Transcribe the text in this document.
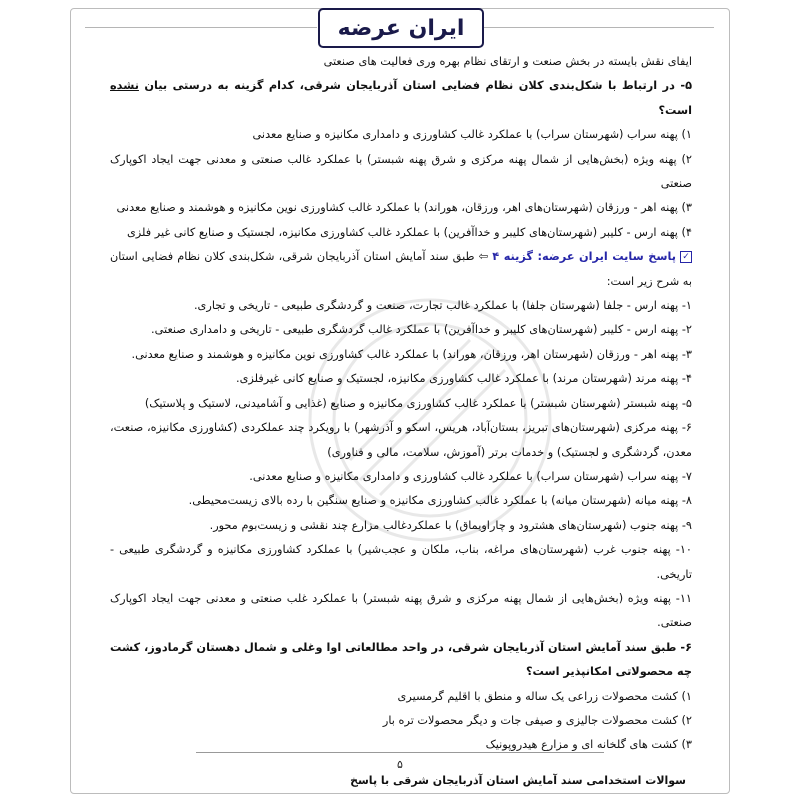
ایران عرضه

ایفای نقش بایسته در بخش صنعت و ارتقای نظام بهره وری فعالیت های صنعتی

۵- در ارتباط با شکل‌بندی کلان نظام فضایی استان آذربایجان شرقی، کدام گزینه به درستی بیان نشده است؟

۱) پهنه سراب (شهرستان سراب) با عملکرد غالب کشاورزی و دامداری مکانیزه و صنایع معدنی

۲) پهنه ویژه (بخش‌هایی از شمال پهنه مرکزی و شرق پهنه شبستر) با عملکرد غالب صنعتی و معدنی جهت ایجاد اکوپارک صنعتی

۳) پهنه اهر - ورزقان (شهرستان‌های اهر، ورزقان، هوراند) با عملکرد غالب کشاورزی نوین مکانیزه و هوشمند و صنایع معدنی

۴) پهنه ارس - کلیبر (شهرستان‌های کلیبر و خداآفرین) با عملکرد غالب کشاورزی مکانیزه، لجستیک و صنایع کانی غیر فلزی

✓پاسخ سایت ایران عرضه: گزینه ۴ ⇦ طبق سند آمایش استان آذربایجان شرقی، شکل‌بندی کلان نظام فضایی استان به شرح زیر است:

۱- پهنه ارس - جلفا (شهرستان جلفا) با عملکرد غالب تجارت، صنعت و گردشگری طبیعی - تاریخی و تجاری.

۲- پهنه ارس - کلیبر (شهرستان‌های کلیبر و خداآفرین) با عملکرد غالب گردشگری طبیعی - تاریخی و دامداری صنعتی.

۳- پهنه اهر - ورزقان (شهرستان اهر، ورزقان، هوراند) با عملکرد غالب کشاورزی نوین مکانیزه و هوشمند و صنایع معدنی.

۴- پهنه مرند (شهرستان مرند) با عملکرد غالب کشاورزی مکانیزه، لجستیک و صنایع کانی غیرفلزی.

۵- پهنه شبستر (شهرستان شبستر) با عملکرد غالب کشاورزی مکانیزه و صنایع (غذایی و آشامیدنی، لاستیک و پلاستیک)

۶- پهنه مرکزی (شهرستان‌های تبریز، بستان‌آباد، هریس، اسکو و آذرشهر) با رویکرد چند عملکردی (کشاورزی مکانیزه، صنعت، معدن، گردشگری و لجستیک) و خدمات برتر (آموزش، سلامت، مالی و فناوری)

۷- پهنه سراب (شهرستان سراب) با عملکرد غالب کشاورزی و دامداری مکانیزه و صنایع معدنی.

۸- پهنه میانه (شهرستان میانه) با عملکرد غالب کشاورزی مکانیزه و صنایع سنگین با رده بالای زیست‌محیطی.

۹- پهنه جنوب (شهرستان‌های هشترود و چاراویماق) با عملکردغالب مزارع چند نقشی و زیست‌بوم محور.

۱۰- پهنه جنوب غرب (شهرستان‌های مراغه، بناب، ملکان و عجب‌شیر) با عملکرد کشاورزی مکانیزه و گردشگری طبیعی - تاریخی.

۱۱- پهنه ویژه (بخش‌هایی از شمال پهنه مرکزی و شرق پهنه شبستر) با عملکرد غلب صنعتی و معدنی جهت ایجاد اکوپارک صنعتی.

۶- طبق سند آمایش استان آذربایجان شرقی، در واحد مطالعاتی اوا وغلی و شمال دهستان گرمادوز، کشت چه محصولاتی امکانپذیر است؟

۱) کشت محصولات زراعی یک ساله و منطق با اقلیم گرمسیری

۲) کشت محصولات جالیزی و صیفی جات و دیگر محصولات تره بار

۳) کشت های گلخانه ای و مزارع هیدروپونیک

۵
سوالات استخدامی سند آمایش استان آذربایجان شرقی با پاسخ
